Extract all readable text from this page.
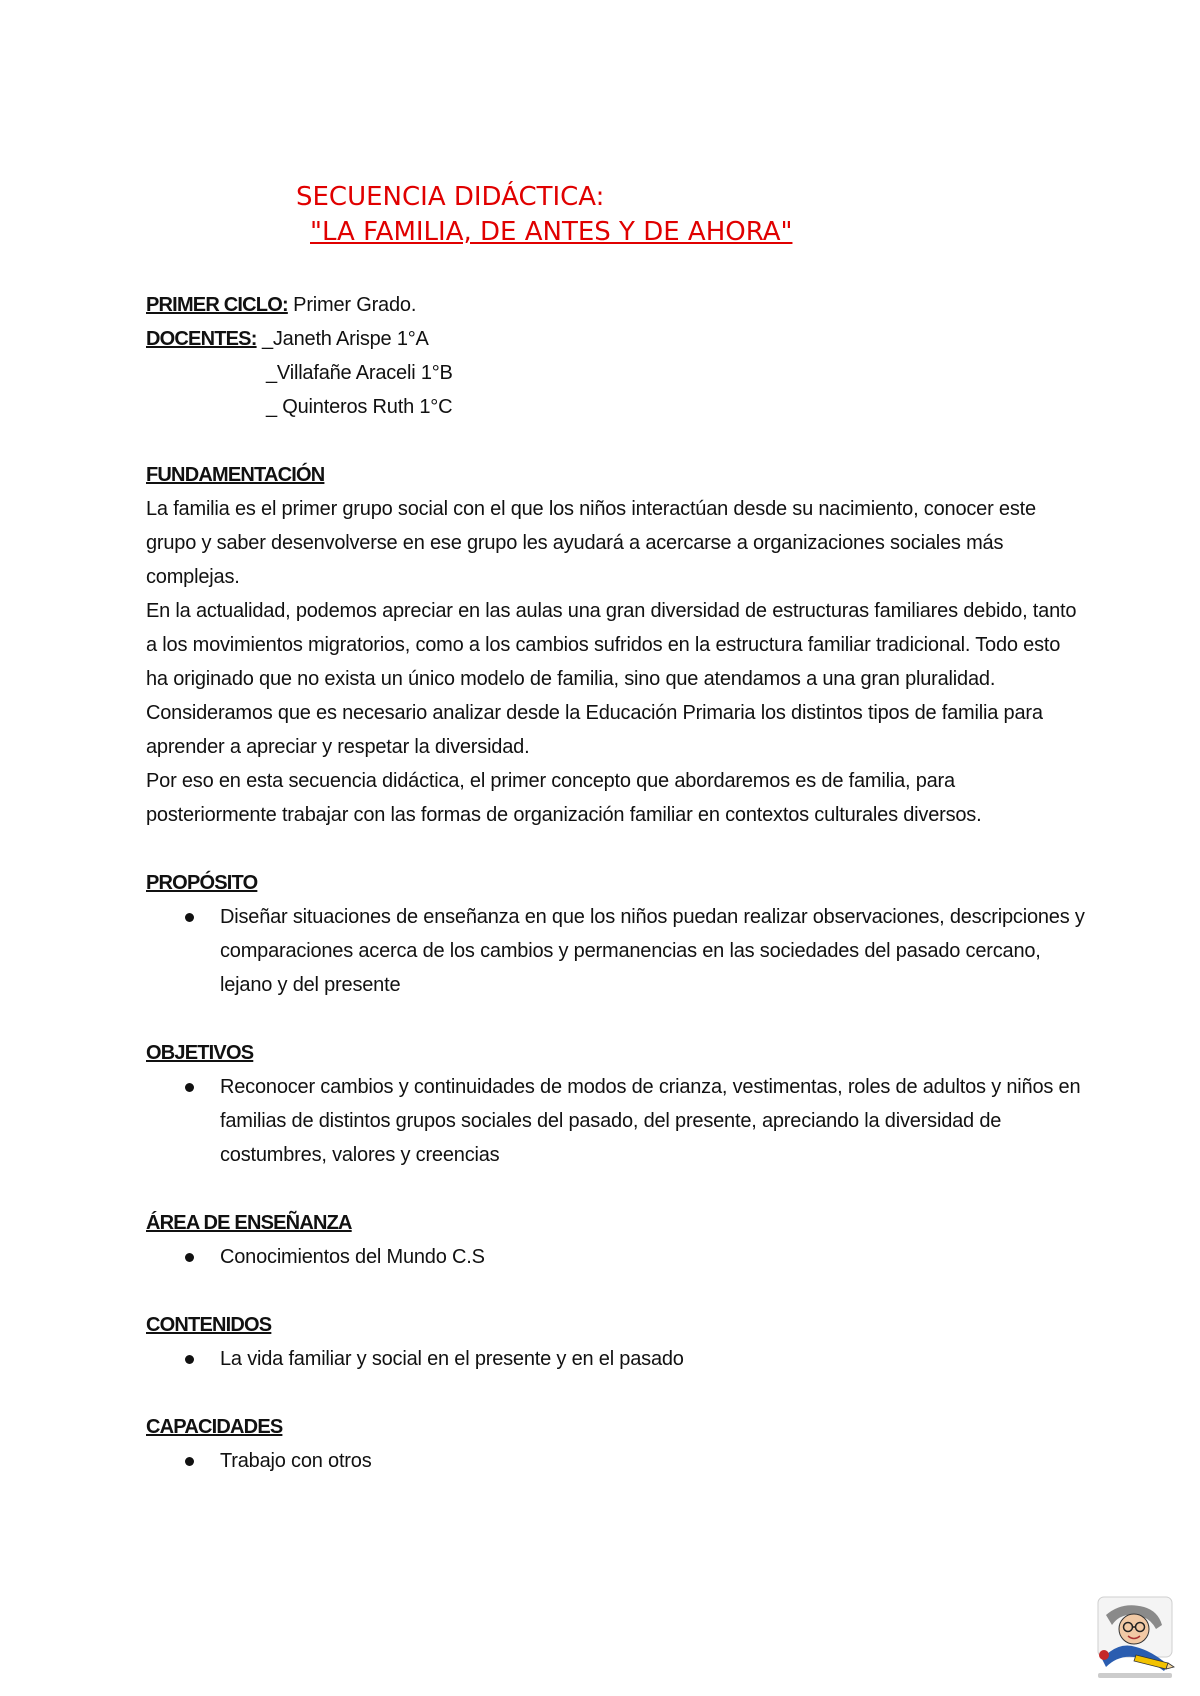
SECUENCIA DIDÁCTICA:
"LA FAMILIA, DE ANTES Y DE AHORA"
PRIMER CICLO: Primer Grado.
DOCENTES: _Janeth Arispe 1°A
_Villafañe Araceli 1°B
_ Quinteros Ruth 1°C
FUNDAMENTACIÓN

La familia es el primer grupo social con el que los niños interactúan desde su nacimiento, conocer este grupo y saber desenvolverse en ese grupo les ayudará a acercarse a organizaciones sociales más complejas.

En la actualidad, podemos apreciar en las aulas una gran diversidad de estructuras familiares debido, tanto a los movimientos migratorios, como a los cambios sufridos en la estructura familiar tradicional. Todo esto ha originado que no exista un único modelo de familia, sino que atendamos a una gran pluralidad. Consideramos que es necesario analizar desde la Educación Primaria los distintos tipos de familia para aprender a apreciar y respetar la diversidad.

Por eso en esta secuencia didáctica, el primer concepto que abordaremos es de familia, para posteriormente trabajar con las formas de organización familiar en contextos culturales diversos.

PROPÓSITO
Diseñar situaciones de enseñanza en que los niños puedan realizar observaciones, descripciones y comparaciones acerca de los cambios y permanencias en las sociedades del pasado cercano, lejano y del presente
OBJETIVOS
Reconocer cambios y continuidades de modos de crianza, vestimentas, roles de adultos y niños en familias de distintos grupos sociales del pasado, del presente, apreciando la diversidad de costumbres, valores y creencias
ÁREA DE ENSEÑANZA
Conocimientos del Mundo C.S
CONTENIDOS
La vida familiar y social en el presente y en el pasado
CAPACIDADES
Trabajo con otros
